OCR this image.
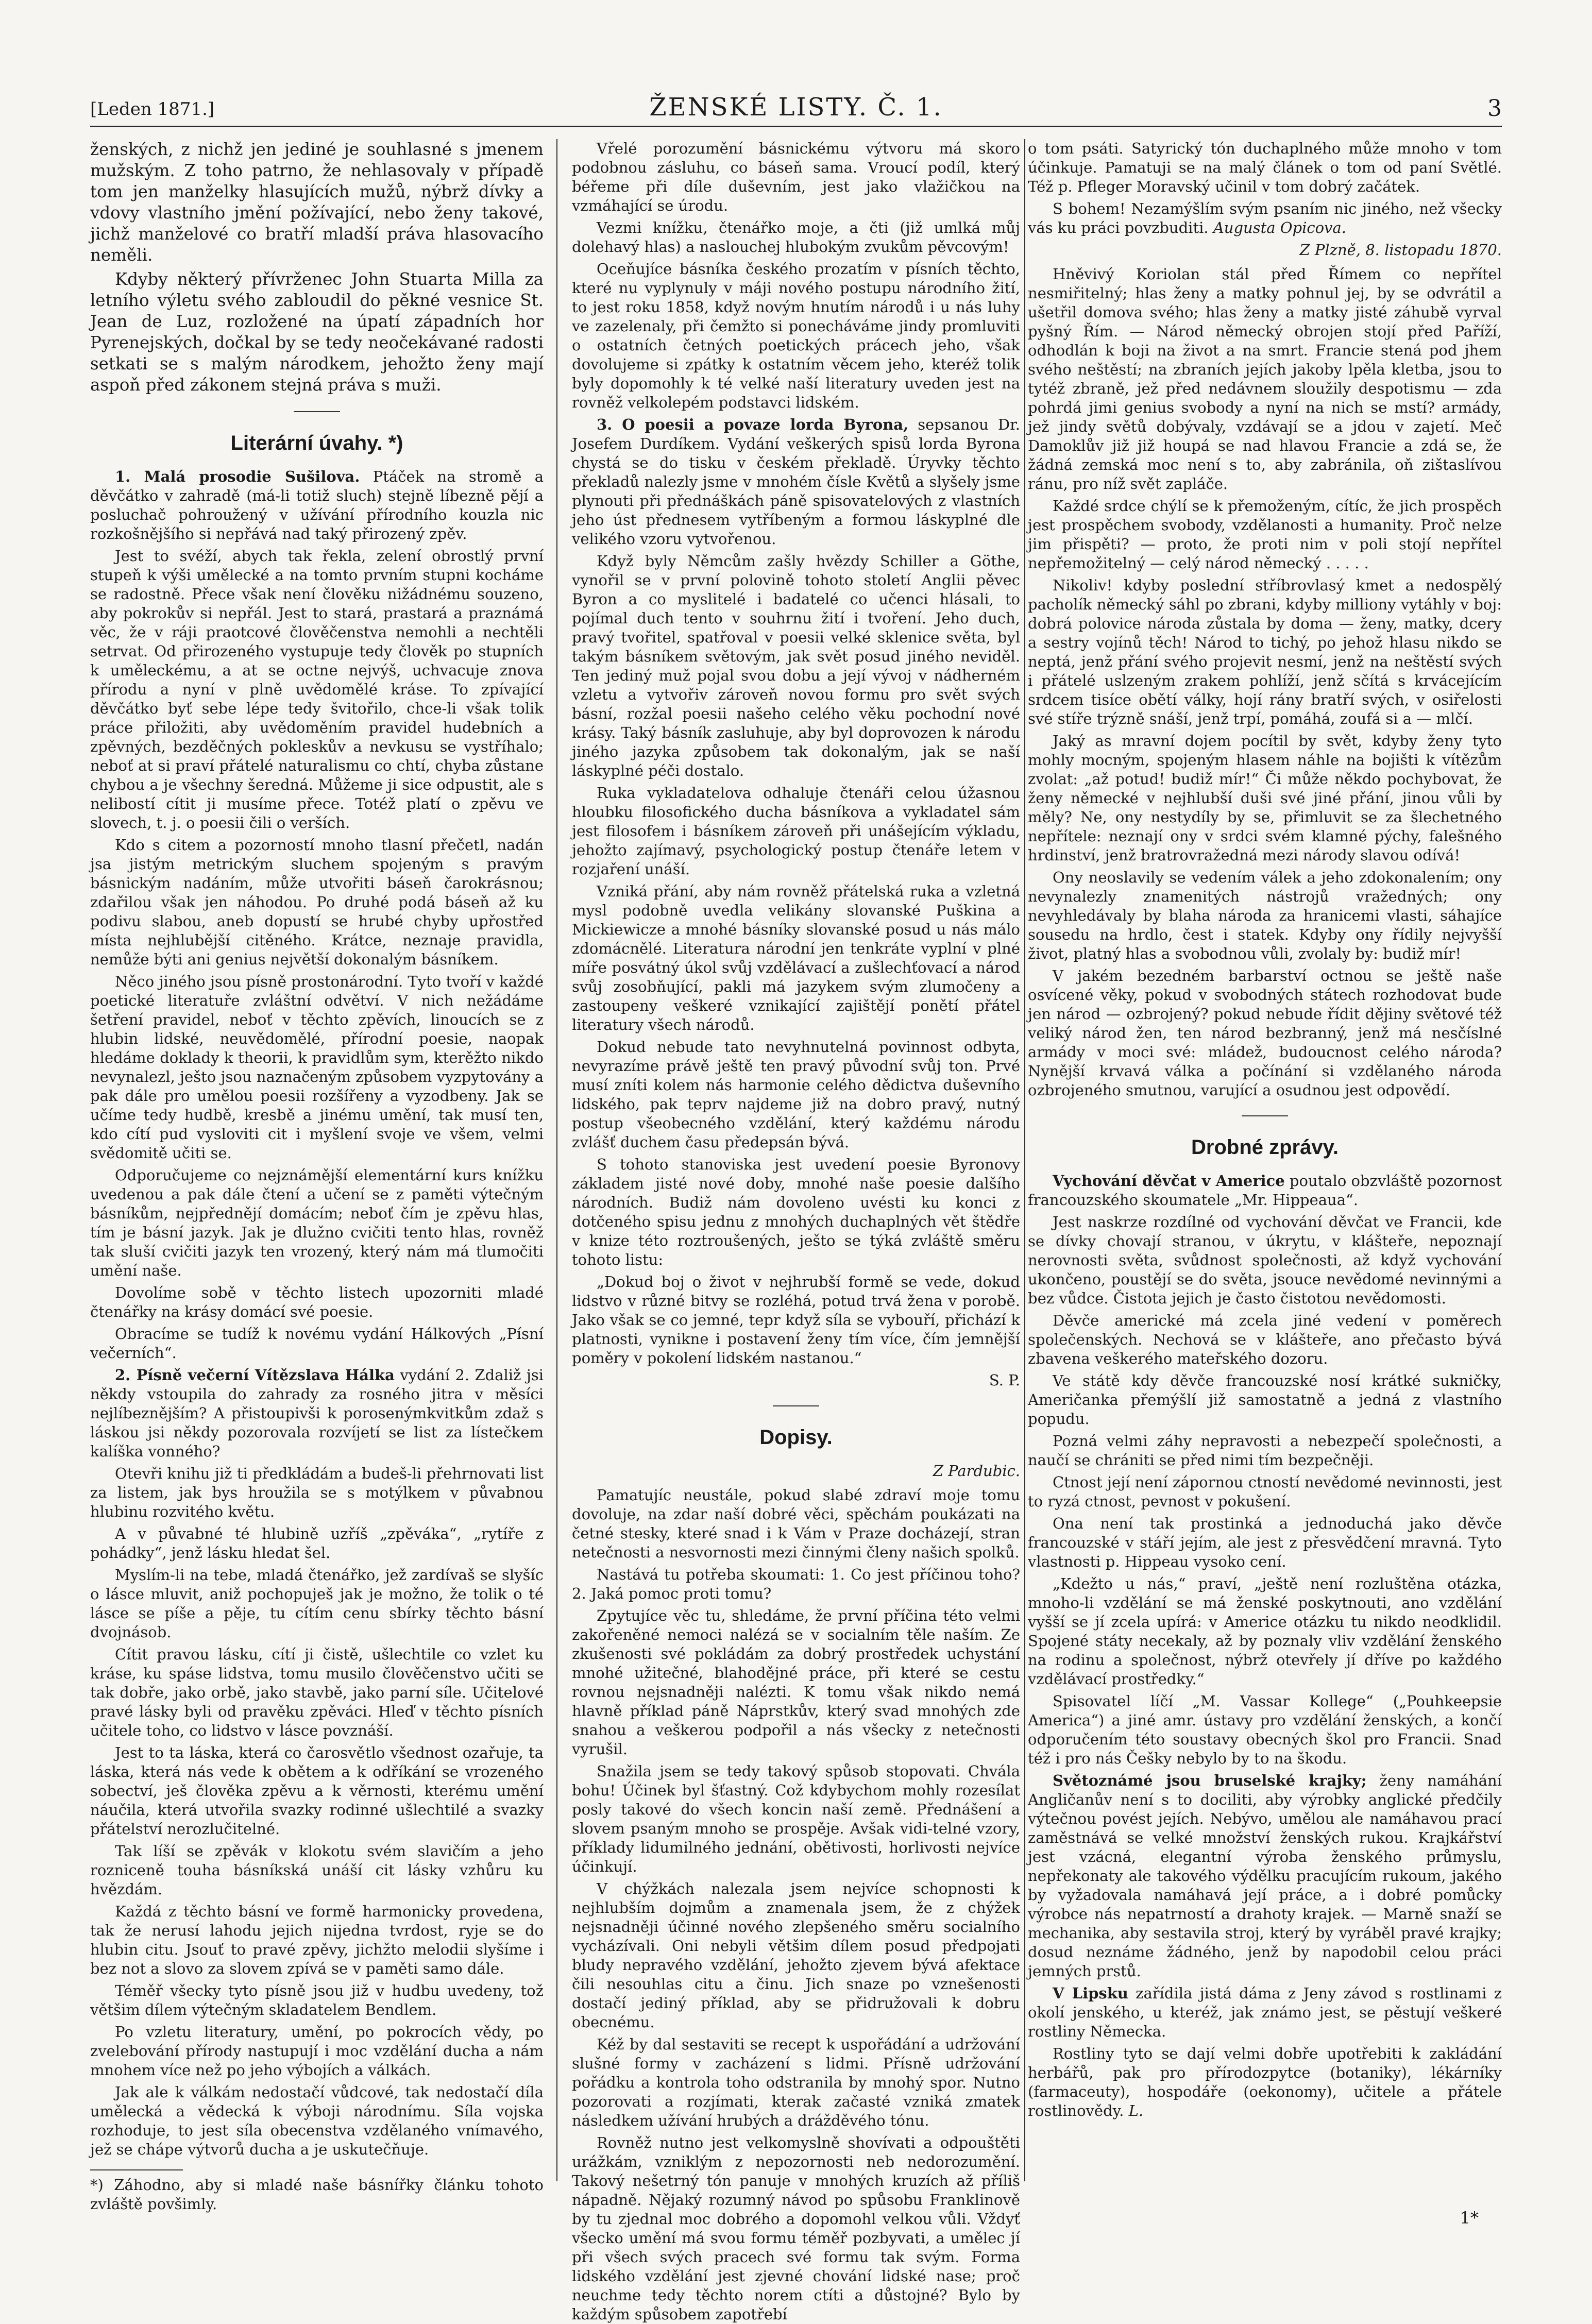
[Leden 1871.]	ŽENSKÉ LISTY. Č. 1.	3

ženských, z nichž jen jediné je souhlasné s jmenem mužským. Z toho patrno, že nehlasovaly v případě tom jen manželky hlasujících mužů, nýbrž dívky a vdovy vlastního jmění požívající, nebo ženy takové, jichž manželové co bratří mladší práva hlasovacího neměli.

Kdyby některý přívrženec John Stuarta Milla za letního výletu svého zabloudil do pěkné vesnice St. Jean de Luz, rozložené na úpatí západních hor Pyrenejských, dočkal by se tedy neočekávané radosti setkati se s malým národkem, jehožto ženy mají aspoň před zákonem stejná práva s muži.

Literární úvahy. *)

1. Malá prosodie Sušilova. Ptáček na stromě a děvčátko v zahradě (má-li totiž sluch) stejně líbezně pějí a posluchač pohroužený v užívání přírodního kouzla nic rozkošnějšího si nepřává nad taký přirozený zpěv.

Jest to svéží, abych tak řekla, zelení obrostlý první stupeň k výši umělecké a na tomto prvním stupni kocháme se radostně. Přece však není člověku nižádnému souzeno, aby pokrokův si nepřál. Jest to stará, prastará a praznámá věc, že v ráji praotcové člověčenstva nemohli a nechtěli setrvat. Od přirozeného vystupuje tedy člověk po stupních k uměleckému, a at se octne nejvýš, uchvacuje znova přírodu a nyní v plně uvědomělé kráse. To zpívající děvčátko byť sebe lépe tedy švitořilo, chce-li však tolik práce přiložiti, aby uvědoměním pravidel hudebních a zpěvných, bezděčných pokleskův a nevkusu se vystříhalo; neboť at si praví přátelé naturalismu co chtí, chyba zůstane chybou a je všechny šeredná. Můžeme ji sice odpustit, ale s nelibostí cítit ji musíme přece. Totéž platí o zpěvu ve slovech, t. j. o poesii čili o verších.

Kdo s citem a pozorností mnoho tlasní přečetl, nadán jsa jistým metrickým sluchem spojeným s pravým básnickým nadáním, může utvořiti báseň čarokrásnou; zdařilou však jen náhodou. Po druhé podá báseň až ku podivu slabou, aneb dopustí se hrubé chyby upřostřed místa nejhlubější citěného. Krátce, neznaje pravidla, nemůže býti ani genius největší dokonalým básníkem.

Něco jiného jsou písně prostonárodní. Tyto tvoří v každé poetické literatuře zvláštní odvětví. V nich nežádáme šetření pravidel, neboť v těchto zpěvích, linoucích se z hlubin lidské, neuvědomělé, přírodní poesie, naopak hledáme doklady k theorii, k pravidlům sym, kterěžto nikdo nevynalezl, ješto jsou naznačeným způsobem vyzpytovány a pak dále pro umělou poesii rozšířeny a vyzodbeny. Jak se učíme tedy hudbě, kresbě a jinému umění, tak musí ten, kdo cítí pud vysloviti cit i myšlení svoje ve všem, velmi svědomitě učiti se.

Odporučujeme co nejznámější elementární kurs knížku uvedenou a pak dále čtení a učení se z paměti výtečným básníkům, nejpřednějí domácím; neboť čím je zpěvu hlas, tím je básní jazyk. Jak je dlužno cvičiti tento hlas, rovněž tak sluší cvičiti jazyk ten vrozený, který nám má tlumočiti umění naše.

Dovolíme sobě v těchto listech upozorniti mladé čtenářky na krásy domácí své poesie.

Obracíme se tudíž k novému vydání Hálkových „Písní večerních“.

2. Písně večerní Vítězslava Hálka vydání 2. Zdaliž jsi někdy vstoupila do zahrady za rosného jitra v měsíci nejlíbeznějším? A přistoupivši k porosenýmkvitkům zdaž s láskou jsi někdy pozorovala rozvíjetí se list za lístečkem kalíška vonného?

Otevři knihu již ti předkládám a budeš-li přehrnovati list za listem, jak bys hroužila se s motýlkem v půvabnou hlubinu rozvitého květu.

A v půvabné té hlubině uzříš „zpěváka“, „rytíře z pohádky“, jenž lásku hledat šel.

Myslím-li na tebe, mladá čtenářko, jež zardívaš se slyšíc o lásce mluvit, aniž pochopuješ jak je možno, že tolik o té lásce se píše a pěje, tu cítím cenu sbírky těchto básní dvojnásob.

Cítit pravou lásku, cítí ji čistě, ušlechtile co vzlet ku kráse, ku spáse lidstva, tomu musilo člověčenstvo učiti se tak dobře, jako orbě, jako stavbě, jako parní síle. Učitelové pravé lásky byli od pravěku zpěváci. Hleď v těchto písních učitele toho, co lidstvo v lásce povznáší.

Jest to ta láska, která co čarosvětlo všednost ozařuje, ta láska, která nás vede k obětem a k odříkání se vrozeného sobectví, ješ člověka zpěvu a k věrnosti, kterému umění náučila, která utvořila svazky rodinné ušlechtilé a svazky přátelství nerozlučitelné.

Tak líší se zpěvák v klokotu svém slavičím a jeho rozniceně touha básníkská unáší cit lásky vzhůru ku hvězdám.

Každá z těchto básní ve formě harmonicky provedena, tak že nerusí lahodu jejich nijedna tvrdost, ryje se do hlubin citu. Jsouť to pravé zpěvy, jichžto melodii slyšíme i bez not a slovo za slovem zpívá se v paměti samo dále.

Téměř všecky tyto písně jsou již v hudbu uvedeny, tož většim dílem výtečným skladatelem Bendlem.

Po vzletu literatury, umění, po pokrocích vědy, po zvelebování přírody nastupují i moc vzdělání ducha a nám mnohem více než po jeho výbojích a válkách.

Jak ale k válkám nedostačí vůdcové, tak nedostačí díla umělecká a vědecká k výboji národnímu. Síla vojska rozhoduje, to jest síla obecenstva vzdělaného vnímavého, jež se chápe výtvorů ducha a je uskutečňuje.

*) Záhodno, aby si mladé naše básnířky článku tohoto zvláště povšimly.

Vřelé porozumění básnickému výtvoru má skoro podobnou zásluhu, co báseň sama. Vroucí podíl, který béřeme při díle duševním, jest jako vlažičkou na vzmáhající se úrodu.

Vezmi knížku, čtenářko moje, a čti (již umlká můj dolehavý hlas) a naslouchej hlubokým zvukům pěvcovým!

Oceňujíce básníka českého prozatím v písních těchto, které nu vyplynuly v máji nového postupu národního žití, to jest roku 1858, když novým hnutím národů i u nás luhy ve zazelenaly, při čemžto si ponecháváme jindy promluviti o ostatních četných poetických prácech jeho, však dovolujeme si zpátky k ostatním věcem jeho, kteréž tolik byly dopomohly k té velké naší literatury uveden jest na rovněž velkolepém podstavci lidském.

3. O poesii a povaze lorda Byrona, sepsanou Dr. Josefem Durdíkem. Vydání veškerých spisů lorda Byrona chystá se do tisku v českém překladě. Úryvky těchto překladů nalezly jsme v mnohém čísle Květů a slyšely jsme plynouti při přednáškách páně spisovatelových z vlastních jeho úst přednesem vytříbeným a formou láskyplné dle velikého vzoru vytvořenou.

Když byly Němcům zašly hvězdy Schiller a Göthe, vynořil se v první polovině tohoto století Anglii pěvec Byron a co myslitelé i badatelé co učenci hlásali, to pojímal duch tento v souhrnu žití i tvoření. Jeho duch, pravý tvořitel, spatřoval v poesii velké sklenice světa, byl takým básníkem světovým, jak svět posud jiného neviděl. Ten jediný muž pojal svou dobu a její vývoj v nádherném vzletu a vytvořiv zároveň novou formu pro svět svých básní, rozžal poesii našeho celého věku pochodní nové krásy. Taký básník zasluhuje, aby byl doprovozen k národu jiného jazyka způsobem tak dokonalým, jak se naší láskyplné péči dostalo.

Ruka vykladatelova odhaluje čtenáři celou úžasnou hloubku filosofického ducha básníkova a vykladatel sám jest filosofem i básníkem zároveň při unášejícím výkladu, jehožto zajímavý, psychologický postup čtenáře letem v rozjaření unáší.

Vzniká přání, aby nám rovněž přátelská ruka a vzletná mysl podobně uvedla velikány slovanské Puškina a Mickiewicze a mnohé básníky slovanské posud u nás málo zdomácnělé. Literatura národní jen tenkráte vyplní v plné míře posvátný úkol svůj vzdělávací a zušlechťovací a národ svůj zosobňující, pakli má jazykem svým zlumočeny a zastoupeny veškeré vznikající zajištějí ponětí přátel literatury všech národů.

Dokud nebude tato nevyhnutelná povinnost odbyta, nevyrazíme právě ještě ten pravý původní svůj ton. Prvé musí zníti kolem nás harmonie celého dědictva duševního lidského, pak teprv najdeme již na dobro pravý, nutný postup všeobecného vzdělání, který každému národu zvlášť duchem času předepsán bývá.

S tohoto stanoviska jest uvedení poesie Byronovy základem jisté nové doby, mnohé naše poesie dalšího národních. Budiž nám dovoleno uvésti ku konci z dotčeného spisu jednu z mnohých duchaplných vět štědře v knize této roztroušených, ješto se týká zvláště směru tohoto listu:

„Dokud boj o život v nejhrubší formě se vede, dokud lidstvo v různé bitvy se rozléhá, potud trvá žena v porobě. Jako však se co jemné, tepr když síla se vybouří, přichází k platnosti, vynikne i postavení ženy tím více, čím jemnější poměry v pokolení lidském nastanou.“

S. P.
Dopisy.
Z Pardubic.

Pamatujíc neustále, pokud slabé zdraví moje tomu dovoluje, na zdar naší dobré věci, spěchám poukázati na četné stesky, které snad i k Vám v Praze docházejí, stran netečnosti a nesvornosti mezi činnými členy našich spolků.

Nastává tu potřeba skoumati: 1. Co jest příčinou toho? 2. Jaká pomoc proti tomu?

Zpytujíce věc tu, shledáme, že první příčina této velmi zakořeněné nemoci nalézá se v socialním těle naším. Ze zkušenosti své pokládám za dobrý prostředek uchystání mnohé užitečné, blahodějné práce, při které se cestu rovnou nejsnadněji nalézti. K tomu však nikdo nemá hlavně příklad páně Náprstkův, který svad mnohých zde snahou a veškerou podpořil a nás všecky z netečnosti vyrušil.

Snažila jsem se tedy takový spůsob stopovati. Chvála bohu! Účinek byl šťastný. Což kdybychom mohly rozesílat posly takové do všech koncin naší země. Přednášení a slovem psaným mnoho se prospěje. Avšak vidi-telné vzory, příklady lidumilného jednání, obětivosti, horlivosti nejvíce účinkují.

V chýžkách nalezala jsem nejvíce schopnosti k nejhlubším dojmům a znamenala jsem, že z chýžek nejsnadněji účinné nového zlepšeného směru socialního vycházívali. Oni nebyli většim dílem posud předpojati bludy nepravého vzdělání, jehožto zjevem bývá afektace čili nesouhlas citu a činu. Jich snaze po vznešenosti dostačí jediný příklad, aby se přidružovali k dobru obecnému.

Kéž by dal sestaviti se recept k uspořádání a udržování slušné formy v zacházení s lidmi. Přísně udržování pořádku a kontrola toho odstranila by mnohý spor. Nutno pozorovati a rozjímati, kterak začasté vzniká zmatek následkem užívání hrubých a drážděvého tónu.

Rovněž nutno jest velkomyslně shovívati a odpouštěti urážkám, vzniklým z nepozornosti neb nedorozumění. Takový nešetrný tón panuje v mnohých kruzích až příliš nápadně. Nějaký rozumný návod po spůsobu Franklinově by tu zjednal moc dobrého a dopomohl velkou vůli. Vždyť všecko umění má svou formu téměř pozbyvati, a umělec jí při všech svých pracech své formu tak svým. Forma lidského vzdělání jest zjevné chování lidské nase; proč neuchme tedy těchto norem ctíti a důstojné? Bylo by každým spůsobem zapotřebí

o tom psáti. Satyrický tón duchaplného může mnoho v tom účinkuje. Pamatuji se na malý článek o tom od paní Světlé. Též p. Pfleger Moravský učinil v tom dobrý začátek.

S bohem! Nezamýšlím svým psaním nic jiného, než všecky vás ku práci povzbuditi. Augusta Opicova.

Z Plzně, 8. listopadu 1870.

Hněvivý Koriolan stál před Římem co nepřítel nesmiřitelný; hlas ženy a matky pohnul jej, by se odvrátil a ušetřil domova svého; hlas ženy a matky jisté záhubě vyrval pyšný Řím. — Národ německý obrojen stojí před Paříží, odhodlán k boji na život a na smrt. Francie stená pod jhem svého neštěstí; na zbraních jejích jakoby lpěla kletba, jsou to tytéž zbraně, jež před nedávnem sloužily despotismu — zda pohrdá jimi genius svobody a nyní na nich se mstí? armády, jež jindy světů dobývaly, vzdávají se a jdou v zajetí. Meč Damoklův již již houpá se nad hlavou Francie a zdá se, že žádná zemská moc není s to, aby zabránila, oň zištaslívou ránu, pro níž svět zapláče.

Každé srdce chýlí se k přemoženým, cítíc, že jich prospěch jest prospěchem svobody, vzdělanosti a humanity. Proč nelze jim přispěti? — proto, že proti nim v poli stojí nepřítel nepřemožitelný — celý národ německý . . . . .

Nikoliv! kdyby poslední stříbrovlasý kmet a nedospělý pacholík německý sáhl po zbrani, kdyby milliony vytáhly v boj: dobrá polovice národa zůstala by doma — ženy, matky, dcery a sestry vojínů těch! Národ to tichý, po jehož hlasu nikdo se neptá, jenž přání svého projevit nesmí, jenž na neštěstí svých i přátelé uslzeným zrakem pohlíží, jenž sčítá s krvácejícím srdcem tisíce obětí války, hojí rány bratří svých, v osiřelosti své stíře trýzně snáší, jenž trpí, pomáhá, zoufá si a — mlčí.

Jaký as mravní dojem pocítil by svět, kdyby ženy tyto mohly mocným, spojeným hlasem náhle na bojišti k vítězům zvolat: „až potud! budiž mír!“ Či může někdo pochybovat, že ženy německé v nejhlubší duši své jiné přání, jinou vůli by měly? Ne, ony nestydíly by se, přimluvit se za šlechetného nepřítele: neznají ony v srdci svém klamné pýchy, falešného hrdinství, jenž bratrovražedná mezi národy slavou odívá!

Ony neoslavily se vedením válek a jeho zdokonalením; ony nevynalezly znamenitých nástrojů vražedných; ony nevyhledávaly by blaha národa za hranicemi vlasti, sáhajíce sousedu na hrdlo, čest i statek. Kdyby ony řídily nejvyšší život, platný hlas a svobodnou vůli, zvolaly by: budiž mír!

V jakém bezedném barbarství octnou se ještě naše osvícené věky, pokud v svobodných státech rozhodovat bude jen národ — ozbrojený? pokud nebude řídit dějiny světové též veliký národ žen, ten národ bezbranný, jenž má nesčíslné armády v moci své: mládež, budoucnost celého národa? Nynější krvavá válka a počínání si vzdělaného národa ozbrojeného smutnou, varující a osudnou jest odpovědí.

Drobné zprávy.

Vychování děvčat v Americe poutalo obzvláště pozornost francouzského skoumatele „Mr. Hippeaua“.

Jest naskrze rozdílné od vychování děvčat ve Francii, kde se dívky chovají stranou, v úkrytu, v klášteře, nepoznají nerovnosti světa, svůdnost společnosti, až když vychování ukončeno, poustějí se do světa, jsouce nevědomé nevinnými a bez vůdce. Čistota jejich je často čistotou nevědomosti.

Děvče americké má zcela jiné vedení v poměrech společenských. Nechová se v klášteře, ano přečasto bývá zbavena veškerého mateřského dozoru.

Ve státě kdy děvče francouzské nosí krátké sukničky, Američanka přemýšlí již samostatně a jedná z vlastního popudu.

Pozná velmi záhy nepravosti a nebezpečí společnosti, a naučí se chrániti se před nimi tím bezpečněji.

Ctnost její není zápornou ctností nevědomé nevinnosti, jest to ryzá ctnost, pevnost v pokušení.

Ona není tak prostinká a jednoduchá jako děvče francouzské v stáří jejím, ale jest z přesvědčení mravná. Tyto vlastnosti p. Hippeau vysoko cení.

„Kdežto u nás,“ praví, „ještě není rozluštěna otázka, mnoho-li vzdělání se má ženské poskytnouti, ano vzdělání vyšší se jí zcela upírá: v Americe otázku tu nikdo neodklidil. Spojené státy necekaly, až by poznaly vliv vzdělání ženského na rodinu a společnost, nýbrž otevřely jí dříve po každého vzdělávací prostředky.“

Spisovatel líčí „M. Vassar Kollege“ („Pouhkeepsie America“) a jiné amr. ústavy pro vzdělání ženských, a končí odporučením této soustavy obecných škol pro Francii. Snad též i pro nás Češky nebylo by to na škodu.

Světoznámé jsou bruselské krajky; ženy namáhání Angličanův není s to dociliti, aby výrobky anglické předčily výtečnou povést jejích. Nebývo, umělou ale namáhavou prací zaměstnává se velké množství ženských rukou. Krajkářství jest vzácná, elegantní výroba ženského průmyslu, nepřekonaty ale takového výdělku pracujícím rukoum, jakého by vyžadovala namáhavá její práce, a i dobré pomůcky výrobce nás nepatrností a drahoty krajek. — Marně snaží se mechanika, aby sestavila stroj, který by vyráběl pravé krajky; dosud neznáme žádného, jenž by napodobil celou práci jemných prstů.

V Lipsku zařídila jistá dáma z Jeny závod s rostlinami z okolí jenského, u kteréž, jak známo jest, se pěstují veškeré rostliny Německa.

Rostliny tyto se dají velmi dobře upotřebiti k zakládání herbářů, pak pro přírodozpytce (botaniky), lékárníky (farmaceuty), hospodáře (oekonomy), učitele a přátele rostlinovědy. L.

1*
